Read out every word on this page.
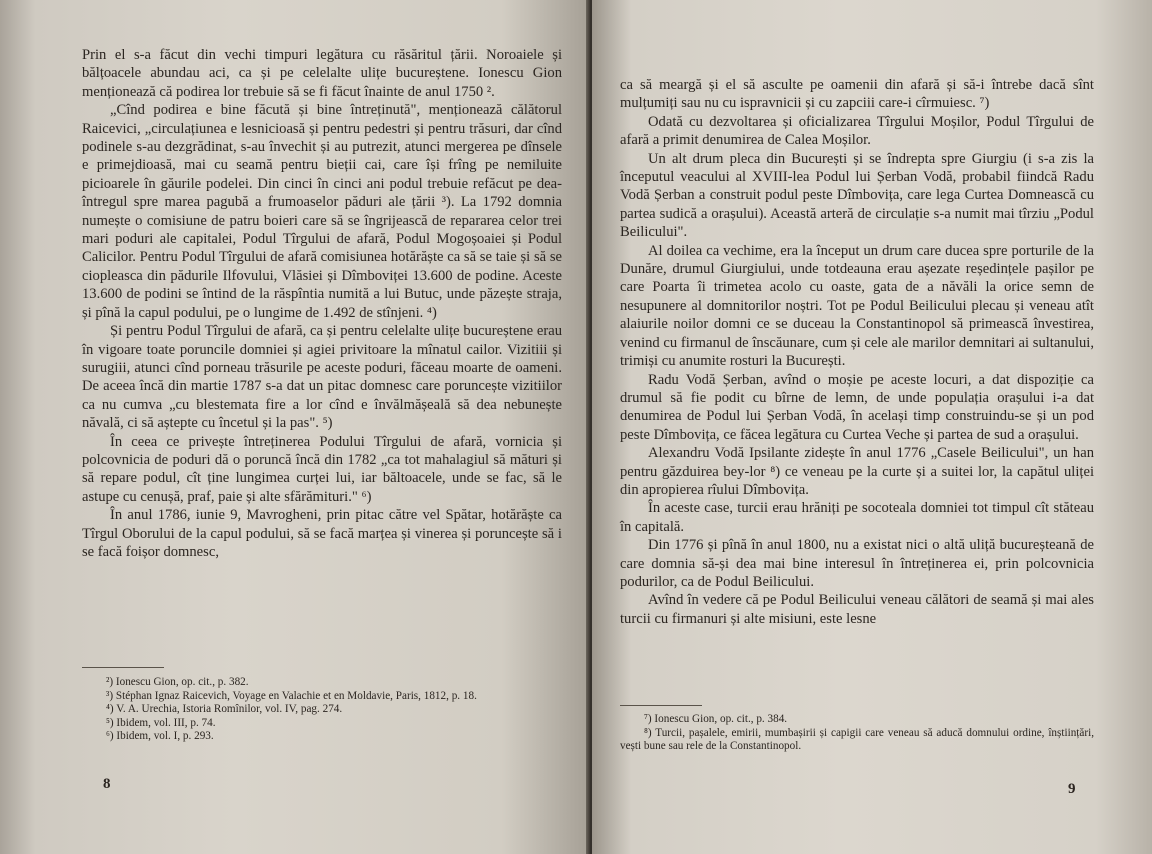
Prin el s-a făcut din vechi timpuri legătura cu răsăritul țării. Noroaiele și bălțoacele abundau aci, ca și pe celelalte ulițe bucureștene. Ionescu Gion menționează că podirea lor trebuie să se fi făcut înainte de anul 1750 ².

„Cînd podirea e bine făcută și bine întreținută", menționează călătorul Raicevici, „circulațiunea e lesnicioasă și pentru pedestri și pentru trăsuri, dar cînd podinele s-au dezgrădinat, s-au învechit și au putrezit, atunci mergerea pe dînsele e primejdioasă, mai cu seamă pentru bieții cai, care își frîng pe nemiluite picioarele în găurile podelei. Din cinci în cinci ani podul trebuie refăcut pe dea-întregul spre marea pagubă a frumoaselor păduri ale țării ³). La 1792 domnia numește o comisiune de patru boieri care să se îngrijească de repararea celor trei mari poduri ale capitalei, Podul Tîrgului de afară, Podul Mogoșoaiei și Podul Calicilor. Pentru Podul Tîrgului de afară comisiunea hotărăște ca să se taie și să se ciopleasca din pădurile Ilfovului, Vlăsiei și Dîmboviței 13.600 de podine. Aceste 13.600 de podini se întind de la răspîntia numită a lui Butuc, unde păzește straja, și pînă la capul podului, pe o lungime de 1.492 de stînjeni. ⁴)

Și pentru Podul Tîrgului de afară, ca și pentru celelalte ulițe bucureștene erau în vigoare toate poruncile domniei și agiei privitoare la mînatul cailor. Vizitiii și surugiii, atunci cînd porneau trăsurile pe aceste poduri, făceau moarte de oameni. De aceea încă din martie 1787 s-a dat un pitac domnesc care poruncește vizitiilor ca nu cumva „cu blestemata fire a lor cînd e învălmășeală să dea nebunește năvală, ci să aștepte cu încetul și la pas". ⁵)

În ceea ce privește întreținerea Podului Tîrgului de afară, vornicia și polcovnicia de poduri dă o poruncă încă din 1782 „ca tot mahalagiul să mături și să repare podul, cît ține lungimea curței lui, iar băltoacele, unde se fac, să le astupe cu cenușă, praf, paie și alte sfărămituri." ⁶)

În anul 1786, iunie 9, Mavrogheni, prin pitac către vel Spătar, hotărăște ca Tîrgul Oborului de la capul podului, să se facă marțea și vinerea și poruncește să i se facă foișor domnesc,

²) Ionescu Gion, op. cit., p. 382.
³) Stéphan Ignaz Raicevich, Voyage en Valachie et en Moldavie, Paris, 1812, p. 18.
⁴) V. A. Urechia, Istoria Romînilor, vol. IV, pag. 274.
⁵) Ibidem, vol. III, p. 74.
⁶) Ibidem, vol. I, p. 293.
8

ca să meargă și el să asculte pe oamenii din afară și să-i întrebe dacă sînt mulțumiți sau nu cu ispravnicii și cu zapciii care-i cîrmuiesc. ⁷)

Odată cu dezvoltarea și oficializarea Tîrgului Moșilor, Podul Tîrgului de afară a primit denumirea de Calea Moșilor.

Un alt drum pleca din București și se îndrepta spre Giurgiu (i s-a zis la începutul veacului al XVIII-lea Podul lui Șerban Vodă, probabil fiindcă Radu Vodă Șerban a construit podul peste Dîmbovița, care lega Curtea Domnească cu partea sudică a orașului). Această arteră de circulație s-a numit mai tîrziu „Podul Beilicului".

Al doilea ca vechime, era la început un drum care ducea spre porturile de la Dunăre, drumul Giurgiului, unde totdeauna erau așezate reședințele pașilor pe care Poarta îi trimetea acolo cu oaste, gata de a năvăli la orice semn de nesupunere al domnitorilor noștri. Tot pe Podul Beilicului plecau și veneau atît alaiurile noilor domni ce se duceau la Constantinopol să primească învestirea, venind cu firmanul de înscăunare, cum și cele ale marilor demnitari ai sultanului, trimiși cu anumite rosturi la București.

Radu Vodă Șerban, avînd o moșie pe aceste locuri, a dat dispoziție ca drumul să fie podit cu bîrne de lemn, de unde populația orașului i-a dat denumirea de Podul lui Șerban Vodă, în același timp construindu-se și un pod peste Dîmbovița, ce făcea legătura cu Curtea Veche și partea de sud a orașului.

Alexandru Vodă Ipsilante zidește în anul 1776 „Casele Beilicului", un han pentru găzduirea bey-lor ⁸) ce veneau pe la curte și a suitei lor, la capătul uliței din apropierea rîului Dîmbovița.

În aceste case, turcii erau hrăniți pe socoteala domniei tot timpul cît stăteau în capitală.

Din 1776 și pînă în anul 1800, nu a existat nici o altă uliță bucureșteană de care domnia să-și dea mai bine interesul în întreținerea ei, prin polcovnicia podurilor, ca de Podul Beilicului.

Avînd în vedere că pe Podul Beilicului veneau călători de seamă și mai ales turcii cu firmanuri și alte misiuni, este lesne

⁷) Ionescu Gion, op. cit., p. 384.
⁸) Turcii, pașalele, emirii, mumbașirii și capigii care veneau să aducă domnului ordine, înștiințări, vești bune sau rele de la Constantinopol.
9
